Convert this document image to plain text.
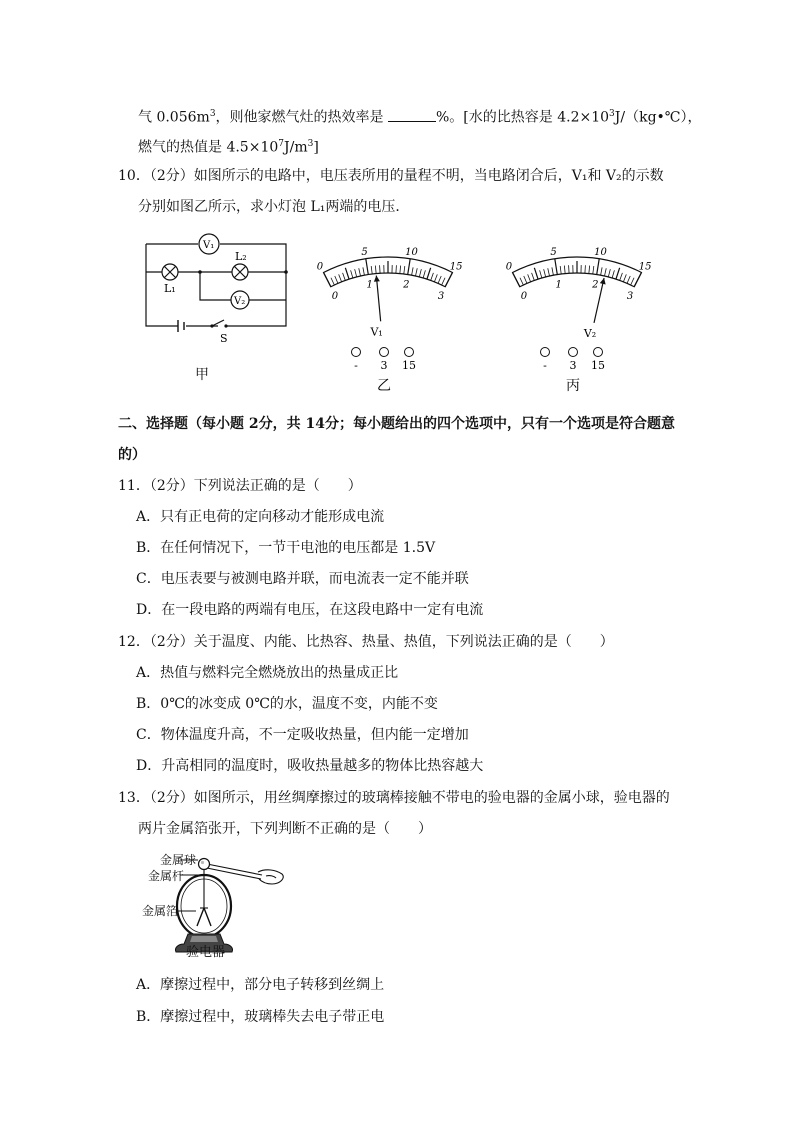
气 $0.056m^3$，则他家燃气灶的热效率是	%。[水的比热容是 $4.2\times 10^3J/(kg•℃)$，
燃气的热值是 $4.5\times 10^7J/m^3$]
10．（2分）如图所示的电路中，电压表所用的量程不明，当电路闭合后，V₁和 V₂的示数
分别如图乙所示，求小灯泡 L₁两端的电压．
V₁
V₂
L₁
L₂
S
甲
0
5	10
15
0
1	2
3
V₁
- 3 15
乙
0
5	10
15
0
1	2
3
V₂
- 3 15
丙
二、选择题（每小题 2分，共 14分；每小题给出的四个选项中，只有一个选项是符合题意
的）
11．（2分）下列说法正确的是（　　）
A．只有正电荷的定向移动才能形成电流
B．在任何情况下，一节干电池的电压都是 1.5V
C．电压表要与被测电路并联，而电流表一定不能并联
D．在一段电路的两端有电压，在这段电路中一定有电流
12．（2分）关于温度、内能、比热容、热量、热值，下列说法正确的是（　　）
A．热值与燃料完全燃烧放出的热量成正比
B．0℃的冰变成 0℃的水，温度不变，内能不变
C．物体温度升高，不一定吸收热量，但内能一定增加
D．升高相同的温度时，吸收热量越多的物体比热容越大
13．（2分）如图所示，用丝绸摩擦过的玻璃棒接触不带电的验电器的金属小球，验电器的
两片金属箔张开，下列判断不正确的是（　　）
金属球
金属杆
金属箔
验电器
A．摩擦过程中，部分电子转移到丝绸上
B．摩擦过程中，玻璃棒失去电子带正电
